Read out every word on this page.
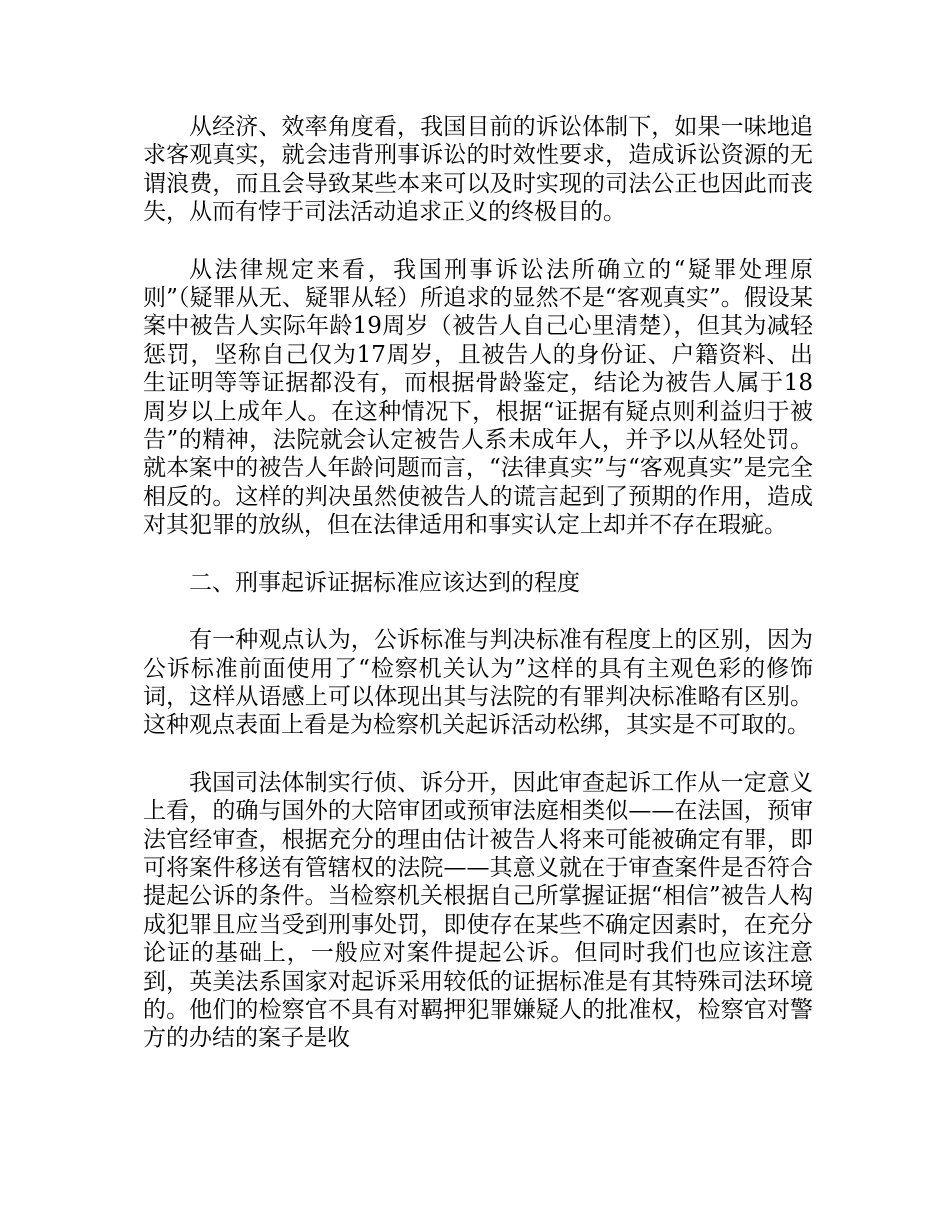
从经济、效率角度看，我国目前的诉讼体制下，如果一味地追求客观真实，就会违背刑事诉讼的时效性要求，造成诉讼资源的无谓浪费，而且会导致某些本来可以及时实现的司法公正也因此而丧失，从而有悖于司法活动追求正义的终极目的。

从法律规定来看，我国刑事诉讼法所确立的“疑罪处理原则”（疑罪从无、疑罪从轻）所追求的显然不是“客观真实”。假设某案中被告人实际年龄19周岁（被告人自己心里清楚），但其为减轻惩罚，坚称自己仅为17周岁，且被告人的身份证、户籍资料、出生证明等等证据都没有，而根据骨龄鉴定，结论为被告人属于18周岁以上成年人。在这种情况下，根据“证据有疑点则利益归于被告”的精神，法院就会认定被告人系未成年人，并予以从轻处罚。就本案中的被告人年龄问题而言，“法律真实”与“客观真实”是完全相反的。这样的判决虽然使被告人的谎言起到了预期的作用，造成对其犯罪的放纵，但在法律适用和事实认定上却并不存在瑕疵。

二、刑事起诉证据标准应该达到的程度

有一种观点认为，公诉标准与判决标准有程度上的区别，因为公诉标准前面使用了“检察机关认为”这样的具有主观色彩的修饰词，这样从语感上可以体现出其与法院的有罪判决标准略有区别。这种观点表面上看是为检察机关起诉活动松绑，其实是不可取的。

我国司法体制实行侦、诉分开，因此审查起诉工作从一定意义上看，的确与国外的大陪审团或预审法庭相类似——在法国，预审法官经审查，根据充分的理由估计被告人将来可能被确定有罪，即可将案件移送有管辖权的法院——其意义就在于审查案件是否符合提起公诉的条件。当检察机关根据自己所掌握证据“相信”被告人构成犯罪且应当受到刑事处罚，即使存在某些不确定因素时，在充分论证的基础上，一般应对案件提起公诉。但同时我们也应该注意到，英美法系国家对起诉采用较低的证据标准是有其特殊司法环境的。他们的检察官不具有对羁押犯罪嫌疑人的批准权，检察官对警方的办结的案子是收
